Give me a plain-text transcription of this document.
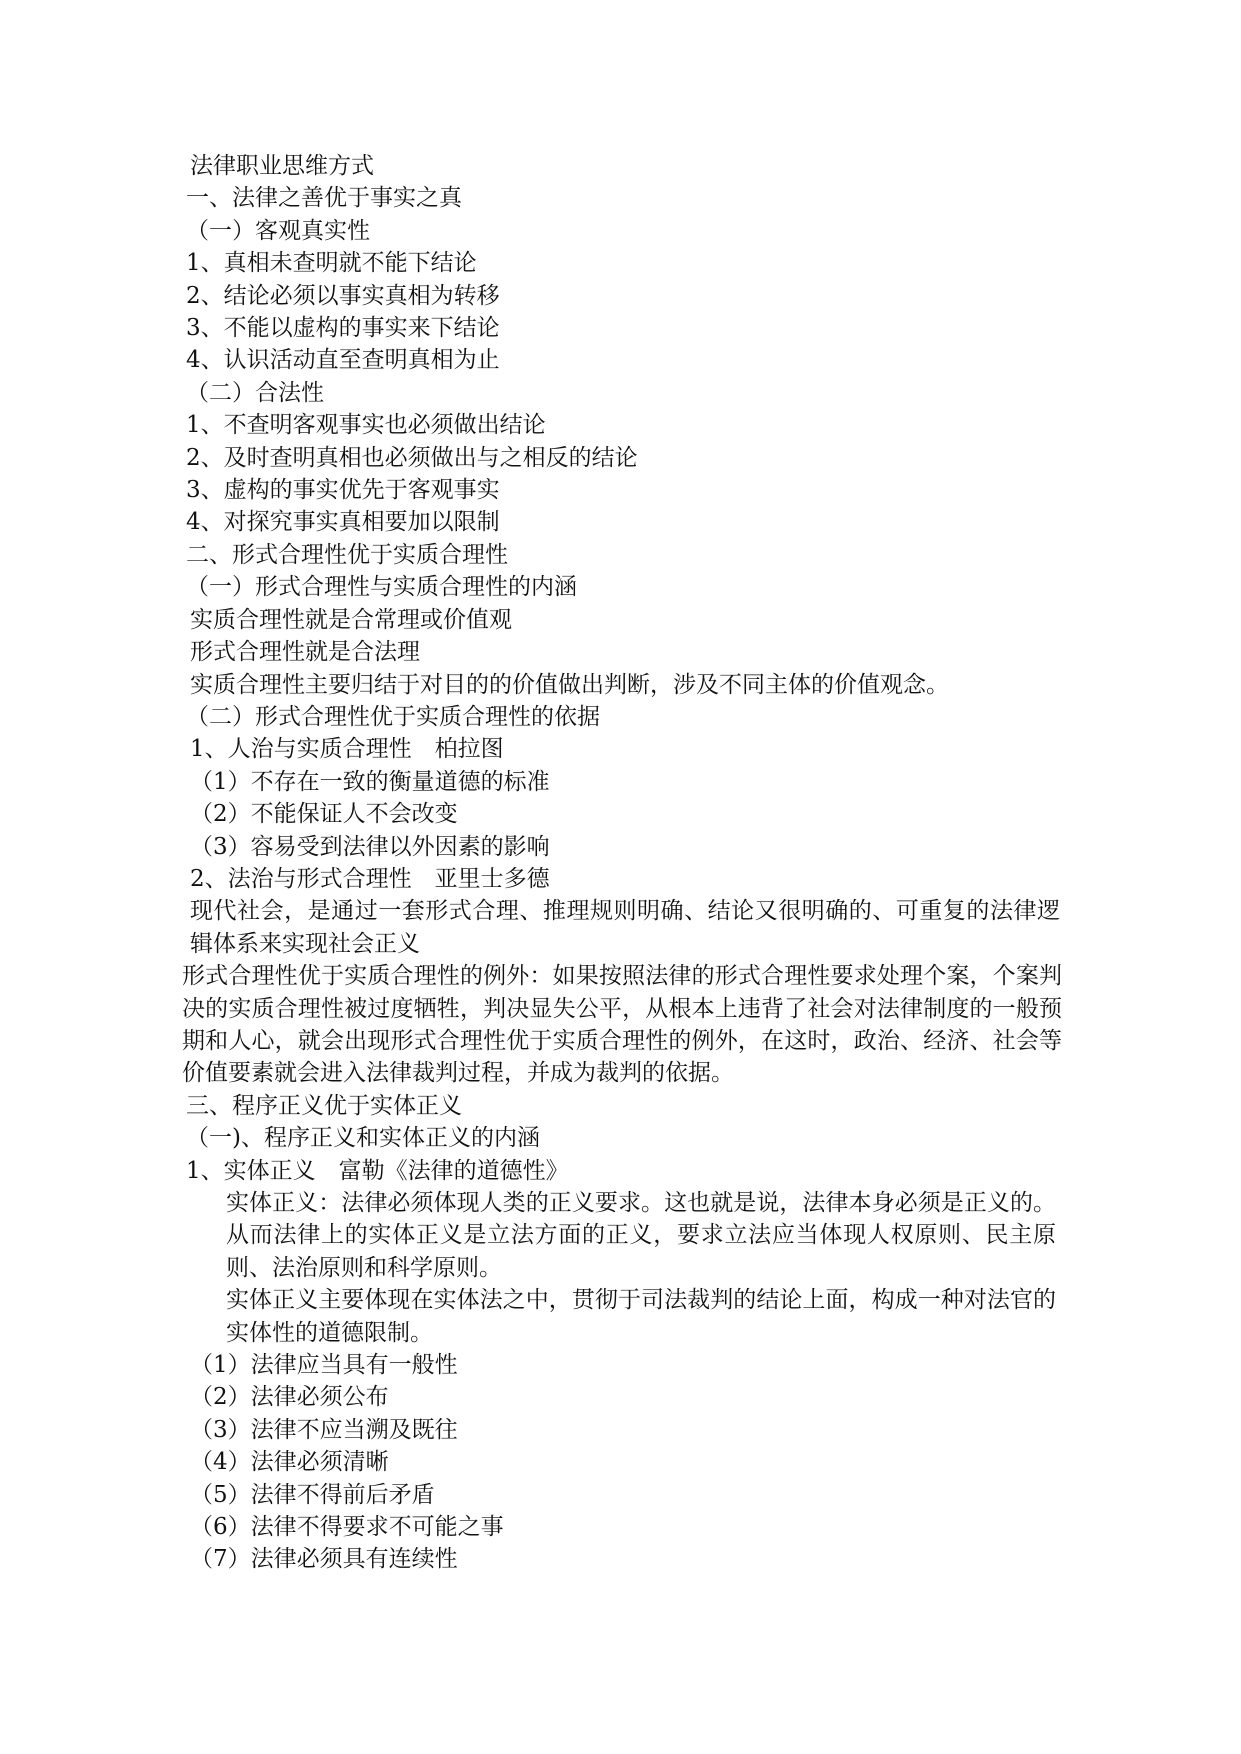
法律职业思维方式

一、法律之善优于事实之真

（一）客观真实性

1、真相未查明就不能下结论

2、结论必须以事实真相为转移

3、不能以虚构的事实来下结论

4、认识活动直至查明真相为止

（二）合法性

1、不查明客观事实也必须做出结论

2、及时查明真相也必须做出与之相反的结论

3、虚构的事实优先于客观事实

4、对探究事实真相要加以限制

二、形式合理性优于实质合理性

（一）形式合理性与实质合理性的内涵

实质合理性就是合常理或价值观

形式合理性就是合法理

实质合理性主要归结于对目的的价值做出判断，涉及不同主体的价值观念。

（二）形式合理性优于实质合理性的依据

1、人治与实质合理性　柏拉图

（1）不存在一致的衡量道德的标准

（2）不能保证人不会改变

（3）容易受到法律以外因素的影响

2、法治与形式合理性　亚里士多德

现代社会，是通过一套形式合理、推理规则明确、结论又很明确的、可重复的法律逻辑体系来实现社会正义

形式合理性优于实质合理性的例外：如果按照法律的形式合理性要求处理个案，个案判决的实质合理性被过度牺牲，判决显失公平，从根本上违背了社会对法律制度的一般预期和人心，就会出现形式合理性优于实质合理性的例外，在这时，政治、经济、社会等价值要素就会进入法律裁判过程，并成为裁判的依据。

三、程序正义优于实体正义

（一)、程序正义和实体正义的内涵

1、实体正义　富勒《法律的道德性》

实体正义：法律必须体现人类的正义要求。这也就是说，法律本身必须是正义的。从而法律上的实体正义是立法方面的正义，要求立法应当体现人权原则、民主原则、法治原则和科学原则。

实体正义主要体现在实体法之中，贯彻于司法裁判的结论上面，构成一种对法官的实体性的道德限制。

（1）法律应当具有一般性

（2）法律必须公布

（3）法律不应当溯及既往

（4）法律必须清晰

（5）法律不得前后矛盾

（6）法律不得要求不可能之事

（7）法律必须具有连续性
